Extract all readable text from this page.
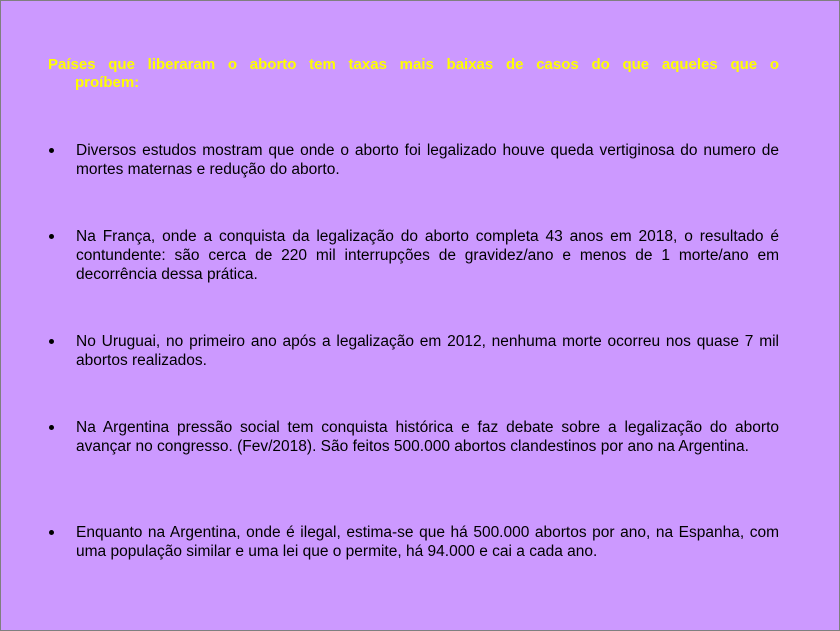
Países que liberaram o aborto tem taxas mais baixas de casos do que aqueles que o
proíbem:

Diversos estudos mostram que onde o aborto foi legalizado houve queda vertiginosa do numero de mortes maternas e redução do aborto.
Na França, onde a conquista da legalização do aborto completa 43 anos em 2018, o resultado é contundente: são cerca de 220 mil interrupções de gravidez/ano e menos de 1 morte/ano em decorrência dessa prática.
No Uruguai, no primeiro ano após a legalização em 2012, nenhuma morte ocorreu nos quase 7 mil abortos realizados.
Na Argentina pressão social tem conquista histórica e faz debate sobre a legalização do aborto avançar no congresso. (Fev/2018). São feitos 500.000 abortos clandestinos por ano na Argentina.
Enquanto na Argentina, onde é ilegal, estima-se que há 500.000 abortos por ano, na Espanha, com uma população similar e uma lei que o permite, há 94.000 e cai a cada ano.
